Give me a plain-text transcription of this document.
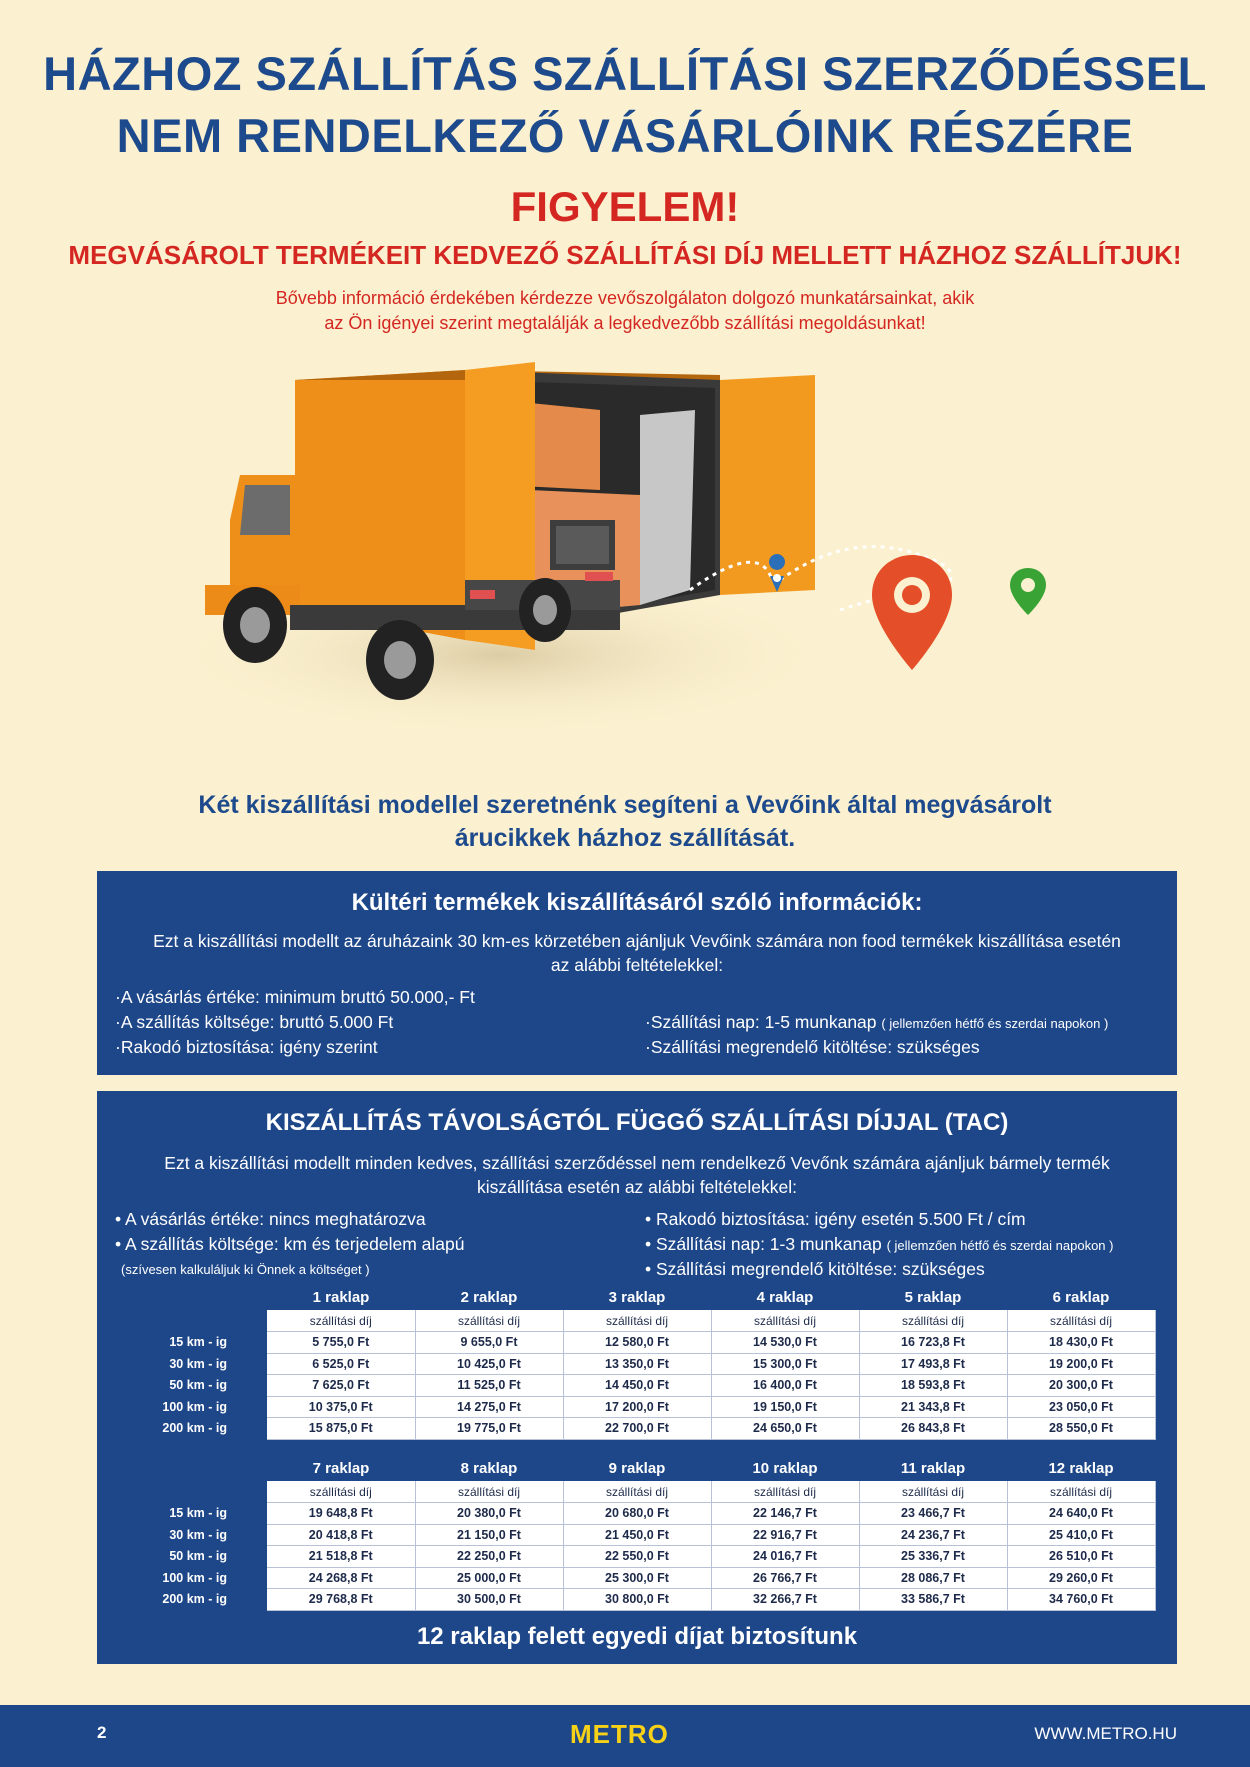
HÁZHOZ SZÁLLÍTÁS SZÁLLÍTÁSI SZERZŐDÉSSEL
NEM RENDELKEZŐ VÁSÁRLÓINK RÉSZÉRE
FIGYELEM!
MEGVÁSÁROLT TERMÉKEIT KEDVEZŐ SZÁLLÍTÁSI DÍJ MELLETT HÁZHOZ SZÁLLÍTJUK!
Bővebb információ érdekében kérdezze vevőszolgálaton dolgozó munkatársainkat, akik
az Ön igényei szerint megtalálják a legkedvezőbb szállítási megoldásunkat!
Két kiszállítási modellel szeretnénk segíteni a Vevőink által megvásárolt
árucikkek házhoz szállítását.
Kültéri termékek kiszállításáról szóló információk:
Ezt a kiszállítási modellt az áruházaink 30 km-es körzetében ajánljuk Vevőink számára non food termékek kiszállítása esetén
az alábbi feltételekkel:
·A vásárlás értéke: minimum bruttó 50.000,- Ft
·A szállítás költsége: bruttó 5.000 Ft
·Rakodó biztosítása: igény szerint
·Szállítási nap: 1-5 munkanap ( jellemzően hétfő és szerdai napokon )
·Szállítási megrendelő kitöltése: szükséges
KISZÁLLÍTÁS TÁVOLSÁGTÓL FÜGGŐ SZÁLLÍTÁSI DÍJJAL (TAC)
Ezt a kiszállítási modellt minden kedves, szállítási szerződéssel nem rendelkező Vevőnk számára ajánljuk bármely termék
kiszállítása esetén az alábbi feltételekkel:
• A vásárlás értéke: nincs meghatározva
• A szállítás költsége: km és terjedelem alapú
(szívesen kalkuláljuk ki Önnek a költséget )
• Rakodó biztosítása: igény esetén 5.500 Ft / cím
• Szállítási nap: 1-3 munkanap ( jellemzően hétfő és szerdai napokon )
• Szállítási megrendelő kitöltése: szükséges
	1 raklap	2 raklap	3 raklap	4 raklap	5 raklap	6 raklap
	szállítási díj	szállítási díj	szállítási díj	szállítási díj	szállítási díj	szállítási díj
15 km - ig	5 755,0 Ft	9 655,0 Ft	12 580,0 Ft	14 530,0 Ft	16 723,8 Ft	18 430,0 Ft
30 km - ig	6 525,0 Ft	10 425,0 Ft	13 350,0 Ft	15 300,0 Ft	17 493,8 Ft	19 200,0 Ft
50 km - ig	7 625,0 Ft	11 525,0 Ft	14 450,0 Ft	16 400,0 Ft	18 593,8 Ft	20 300,0 Ft
100 km - ig	10 375,0 Ft	14 275,0 Ft	17 200,0 Ft	19 150,0 Ft	21 343,8 Ft	23 050,0 Ft
200 km - ig	15 875,0 Ft	19 775,0 Ft	22 700,0 Ft	24 650,0 Ft	26 843,8 Ft	28 550,0 Ft
	7 raklap	8 raklap	9 raklap	10 raklap	11 raklap	12 raklap
	szállítási díj	szállítási díj	szállítási díj	szállítási díj	szállítási díj	szállítási díj
15 km - ig	19 648,8 Ft	20 380,0 Ft	20 680,0 Ft	22 146,7 Ft	23 466,7 Ft	24 640,0 Ft
30 km - ig	20 418,8 Ft	21 150,0 Ft	21 450,0 Ft	22 916,7 Ft	24 236,7 Ft	25 410,0 Ft
50 km - ig	21 518,8 Ft	22 250,0 Ft	22 550,0 Ft	24 016,7 Ft	25 336,7 Ft	26 510,0 Ft
100 km - ig	24 268,8 Ft	25 000,0 Ft	25 300,0 Ft	26 766,7 Ft	28 086,7 Ft	29 260,0 Ft
200 km - ig	29 768,8 Ft	30 500,0 Ft	30 800,0 Ft	32 266,7 Ft	33 586,7 Ft	34 760,0 Ft
12 raklap felett egyedi díjat biztosítunk
2	METRO	WWW.METRO.HU
